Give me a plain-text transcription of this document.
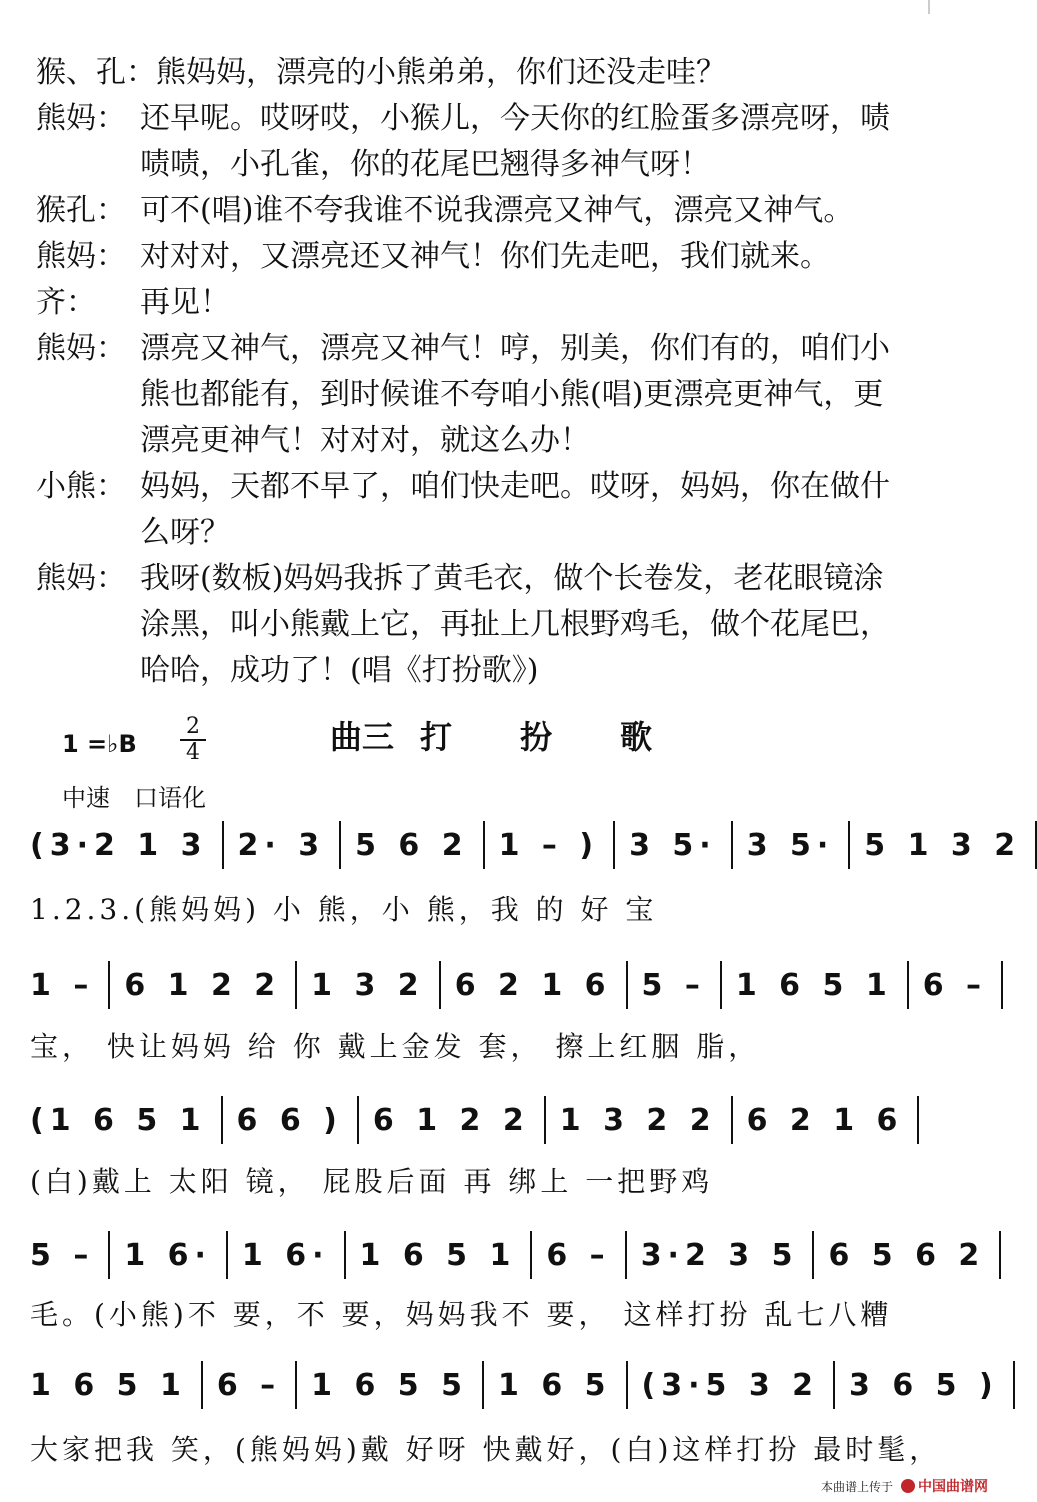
猴、孔： 熊妈妈，漂亮的小熊弟弟，你们还没走哇？
熊妈： 还早呢。哎呀哎，小猴儿，今天你的红脸蛋多漂亮呀，啧
啧啧，小孔雀，你的花尾巴翘得多神气呀！
猴孔： 可不(唱)谁不夸我谁不说我漂亮又神气，漂亮又神气。
熊妈： 对对对，又漂亮还又神气！你们先走吧，我们就来。
齐：	再见！
熊妈： 漂亮又神气，漂亮又神气！哼，别美，你们有的，咱们小
熊也都能有，到时候谁不夸咱小熊(唱)更漂亮更神气，更
漂亮更神气！对对对，就这么办！
小熊： 妈妈，天都不早了，咱们快走吧。哎呀，妈妈，你在做什
么呀？
熊妈： 我呀(数板)妈妈我拆了黄毛衣，做个长卷发，老花眼镜涂
涂黑，叫小熊戴上它，再扯上几根野鸡毛，做个花尾巴，
哈哈，成功了！(唱《打扮歌》)
1 =♭B
2
4	曲三 打　扮　歌
中速　口语化
(3·2 1 3 2· 3 5 6 2 1 – ) 3 5· 3 5· 5 1 3 2
1.2.3.(熊妈妈) 小 熊，小 熊，我 的 好 宝
1 – 6 1 2 2 1 3 2 6 2 1 6 5 – 1 6 5 1 6 –
宝， 快让妈妈 给 你 戴上金发 套， 擦上红胭 脂，
(1 6 5 1 6 6 ) 6 1 2 2 1 3 2 2 6 2 1 6
(白)戴上 太阳 镜， 屁股后面 再 绑上 一把野鸡
5 – 1 6· 1 6· 1 6 5 1 6 – 3·2 3 5 6 5 6 2
毛。(小熊)不 要，不 要，妈妈我不 要， 这样打扮 乱七八糟
1 6 5 1 6 – 1 6 5 5 1 6 5 (3·5 3 2 3 6 5 )
大家把我 笑，(熊妈妈)戴 好呀 快戴好，(白)这样打扮 最时髦，
本曲谱上传于 中国曲谱网
